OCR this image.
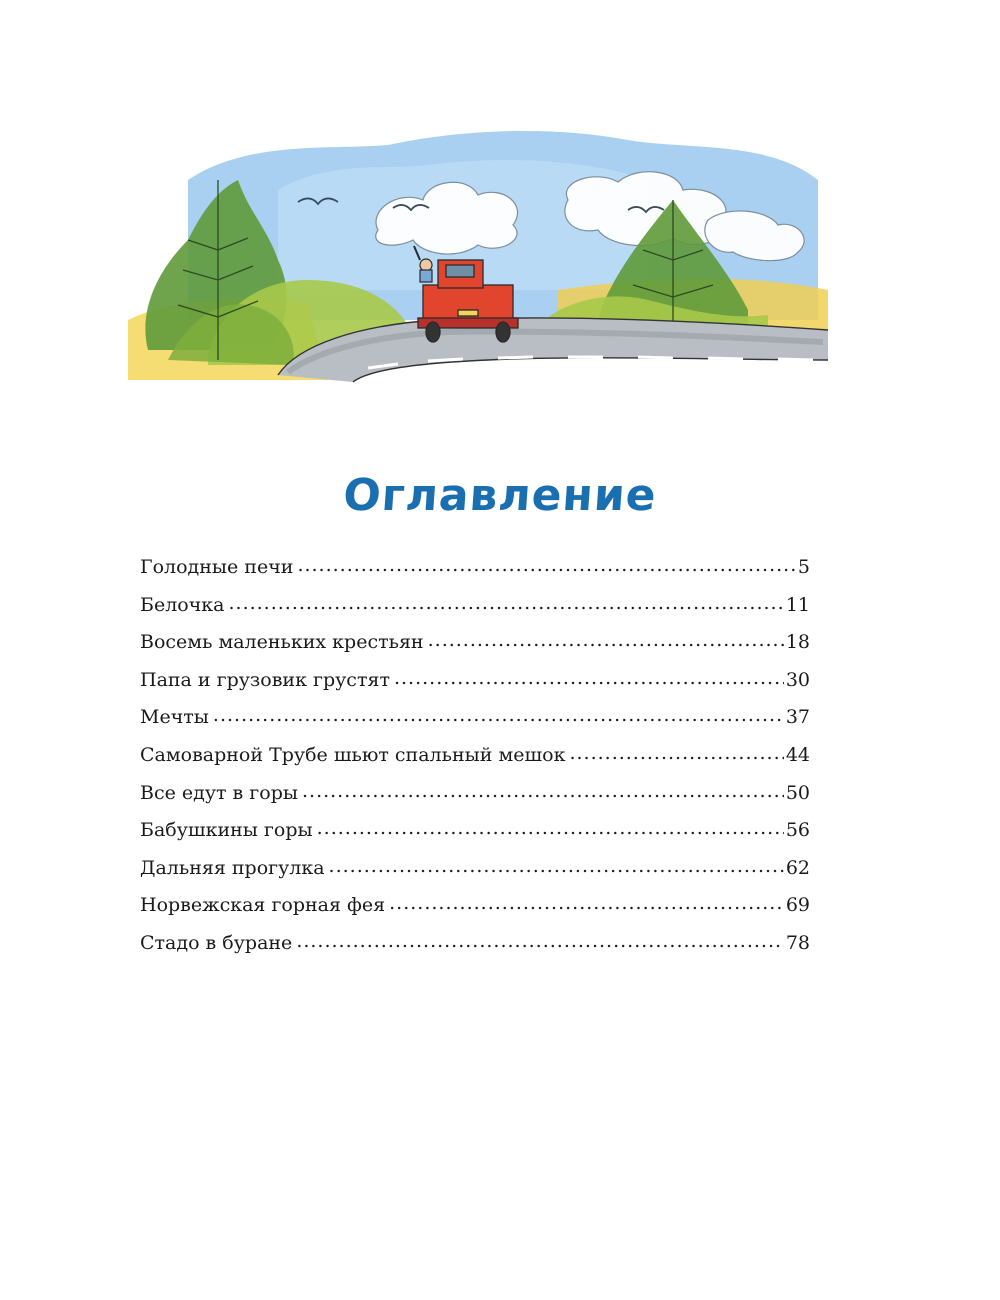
Оглавление
Голодные печи .....	5
Белочка .....	11
Восемь маленьких крестьян .....	18
Папа и грузовик грустят .....	30
Мечты .....	37
Самоварной Трубе шьют спальный мешок .....	44
Все едут в горы .....	50
Бабушкины горы .....	56
Дальняя прогулка .....	62
Норвежская горная фея .....	69
Стадо в буране .....	78
